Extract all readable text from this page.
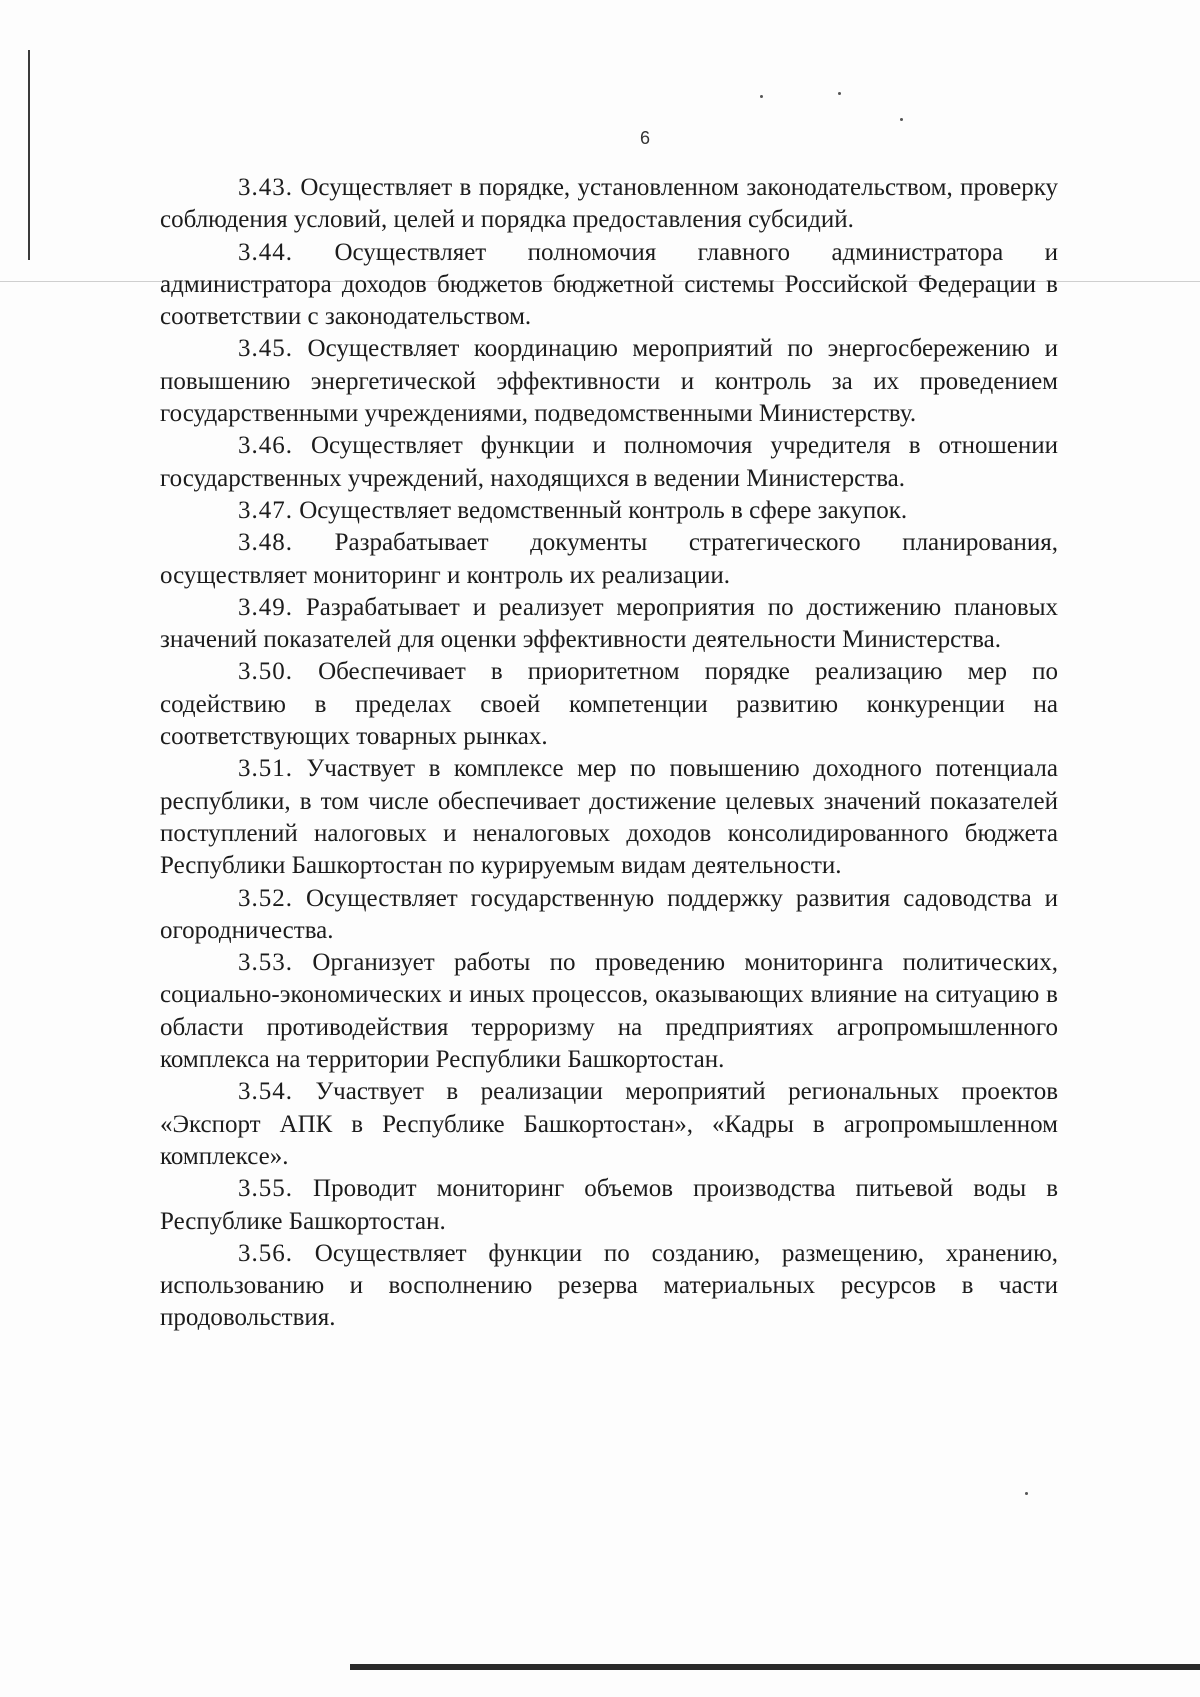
6

3.43. Осуществляет в порядке, установленном законодательством, проверку соблюдения условий, целей и порядка предоставления субсидий.

3.44. Осуществляет полномочия главного администратора и администратора доходов бюджетов бюджетной системы Российской Федерации в соответствии с законодательством.

3.45. Осуществляет координацию мероприятий по энергосбережению и повышению энергетической эффективности и контроль за их проведением государственными учреждениями, подведомственными Министерству.

3.46. Осуществляет функции и полномочия учредителя в отношении государственных учреждений, находящихся в ведении Министерства.

3.47. Осуществляет ведомственный контроль в сфере закупок.

3.48. Разрабатывает документы стратегического планирования, осуществляет мониторинг и контроль их реализации.

3.49. Разрабатывает и реализует мероприятия по достижению плановых значений показателей для оценки эффективности деятельности Министерства.

3.50. Обеспечивает в приоритетном порядке реализацию мер по содействию в пределах своей компетенции развитию конкуренции на соответствующих товарных рынках.

3.51. Участвует в комплексе мер по повышению доходного потенциала республики, в том числе обеспечивает достижение целевых значений показателей поступлений налоговых и неналоговых доходов консолидированного бюджета Республики Башкортостан по курируемым видам деятельности.

3.52. Осуществляет государственную поддержку развития садоводства и огородничества.

3.53. Организует работы по проведению мониторинга политических, социально-экономических и иных процессов, оказывающих влияние на ситуацию в области противодействия терроризму на предприятиях агропромышленного комплекса на территории Республики Башкортостан.

3.54. Участвует в реализации мероприятий региональных проектов «Экспорт АПК в Республике Башкортостан», «Кадры в агропромышленном комплексе».

3.55. Проводит мониторинг объемов производства питьевой воды в Республике Башкортостан.

3.56. Осуществляет функции по созданию, размещению, хранению, использованию и восполнению резерва материальных ресурсов в части продовольствия.
